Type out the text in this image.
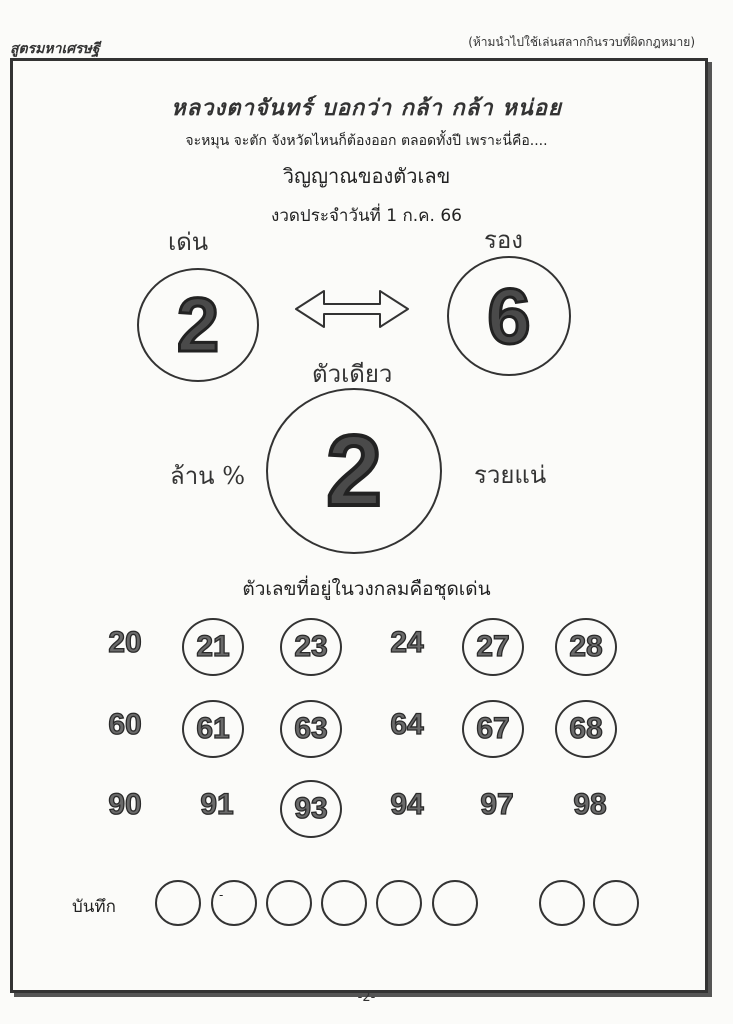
สูตรมหาเศรษฐี	(ห้ามนำไปใช้เล่นสลากกินรวบที่ผิดกฎหมาย)
หลวงตาจันทร์ บอกว่า กล้า กล้า หน่อย
จะหมุน จะตัก จังหวัดไหนก็ต้องออก ตลอดทั้งปี เพราะนี่คือ....
วิญญาณของตัวเลข
งวดประจำวันที่ 1 ก.ค. 66
เด่น	รอง
2	6
ตัวเดียว
2
ล้าน %	รวยแน่
ตัวเลขที่อยู่ในวงกลมคือชุดเด่น
20	21	23	24	27	28
60	61	63	64	67	68
90	91	93	94	97	98
บันทึก
-
-2-
